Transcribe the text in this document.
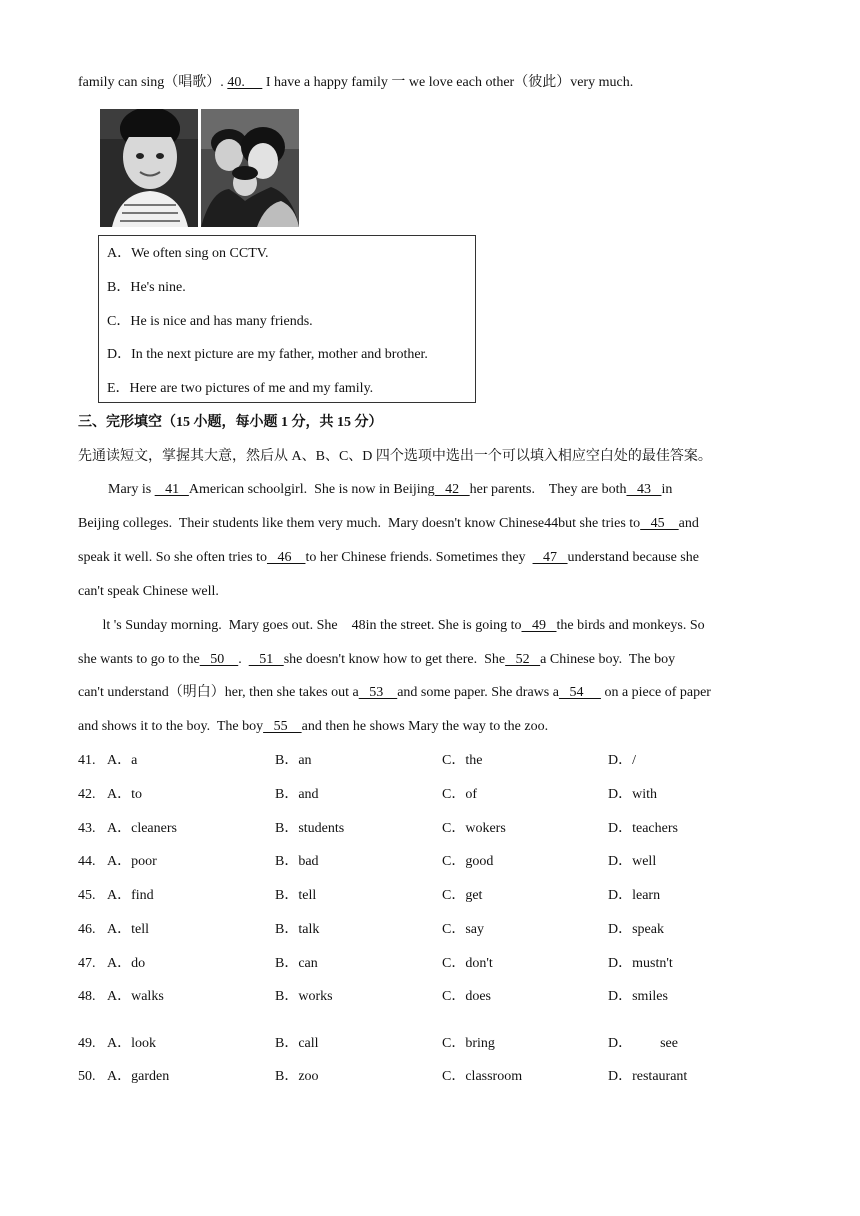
family can sing（唱歌）. 40.      I have a happy family 一 we love each other（彼此）very much.
A．We often sing on CCTV.
B．He's nine.
C．He is nice and has many friends.
D．In the next picture are my father, mother and brother.
E．Here are two pictures of me and my family.
三、完形填空（15 小题，每小题 1 分，共 15 分）
先通读短文，掌握其大意，然后从 A、B、C、D 四个选项中选出一个可以填入相应空白处的最佳答案。
Mary is    41   American schoolgirl.  She is now in Beijing   42   her parents.    They are both   43   in
Beijing colleges.  Their students like them very much.  Mary doesn't know Chinese44but she tries to   45    and
speak it well. So she often tries to   46    to her Chinese friends. Sometimes they     47   understand because she
can't speak Chinese well.
lt 's Sunday morning.  Mary goes out. She    48in the street. She is going to   49   the birds and monkeys. So
she wants to go to the   50    .     51   she doesn't know how to get there.  She   52   a Chinese boy.  The boy
can't understand（明白）her, then she takes out a   53    and some paper. She draws a   54      on a piece of paper
and shows it to the boy.  The boy   55    and then he shows Mary the way to the zoo.
41. A．a	B．an	C．the	D．/
42. A．to	B．and	C．of	D．with
43. A．cleaners	B．students	C．wokers	D．teachers
44. A．poor	B．bad	C．good	D．well
45. A．find	B．tell	C．get	D．learn
46. A．tell	B．talk	C．say	D．speak
47. A．do	B．can	C．don't	D．mustn't
48. A．walks	B．works	C．does	D．smiles
49. A．look	B．call	C．bring	D．        see
50. A．garden	B．zoo	C．classroom	D．restaurant
